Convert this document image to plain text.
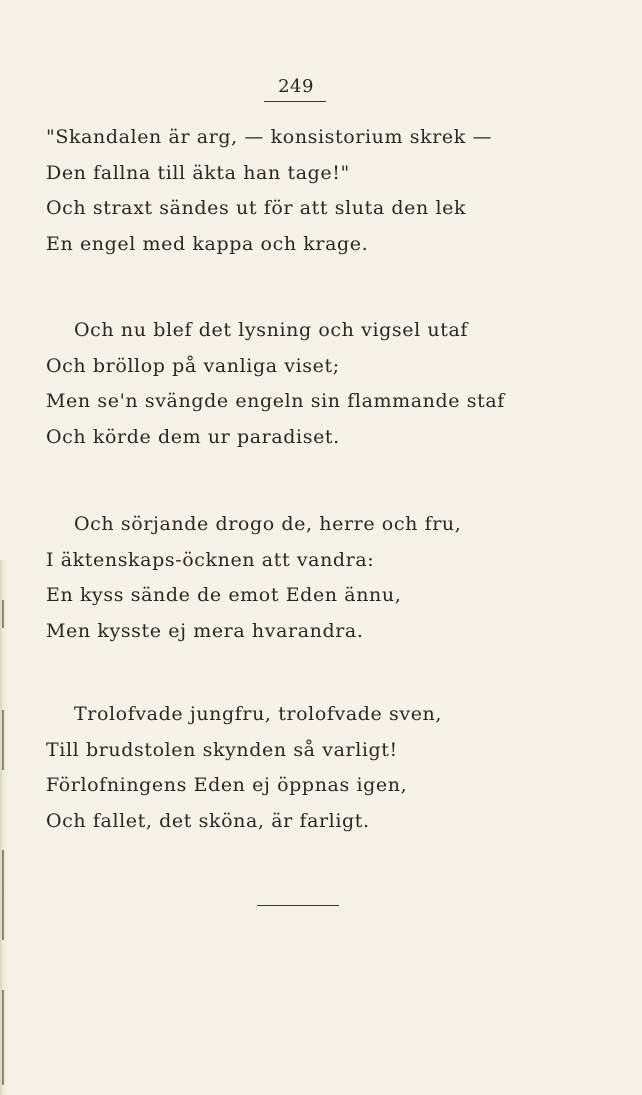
249
"Skandalen är arg, — konsistorium skrek —
Den fallna till äkta han tage!"
Och straxt sändes ut för att sluta den lek
En engel med kappa och krage.
Och nu blef det lysning och vigsel utaf
Och bröllop på vanliga viset;
Men se'n svängde engeln sin flammande staf
Och körde dem ur paradiset.
Och sörjande drogo de, herre och fru,
I äktenskaps-öcknen att vandra:
En kyss sände de emot Eden ännu,
Men kysste ej mera hvarandra.
Trolofvade jungfru, trolofvade sven,
Till brudstolen skynden så varligt!
Förlofningens Eden ej öppnas igen,
Och fallet, det sköna, är farligt.
